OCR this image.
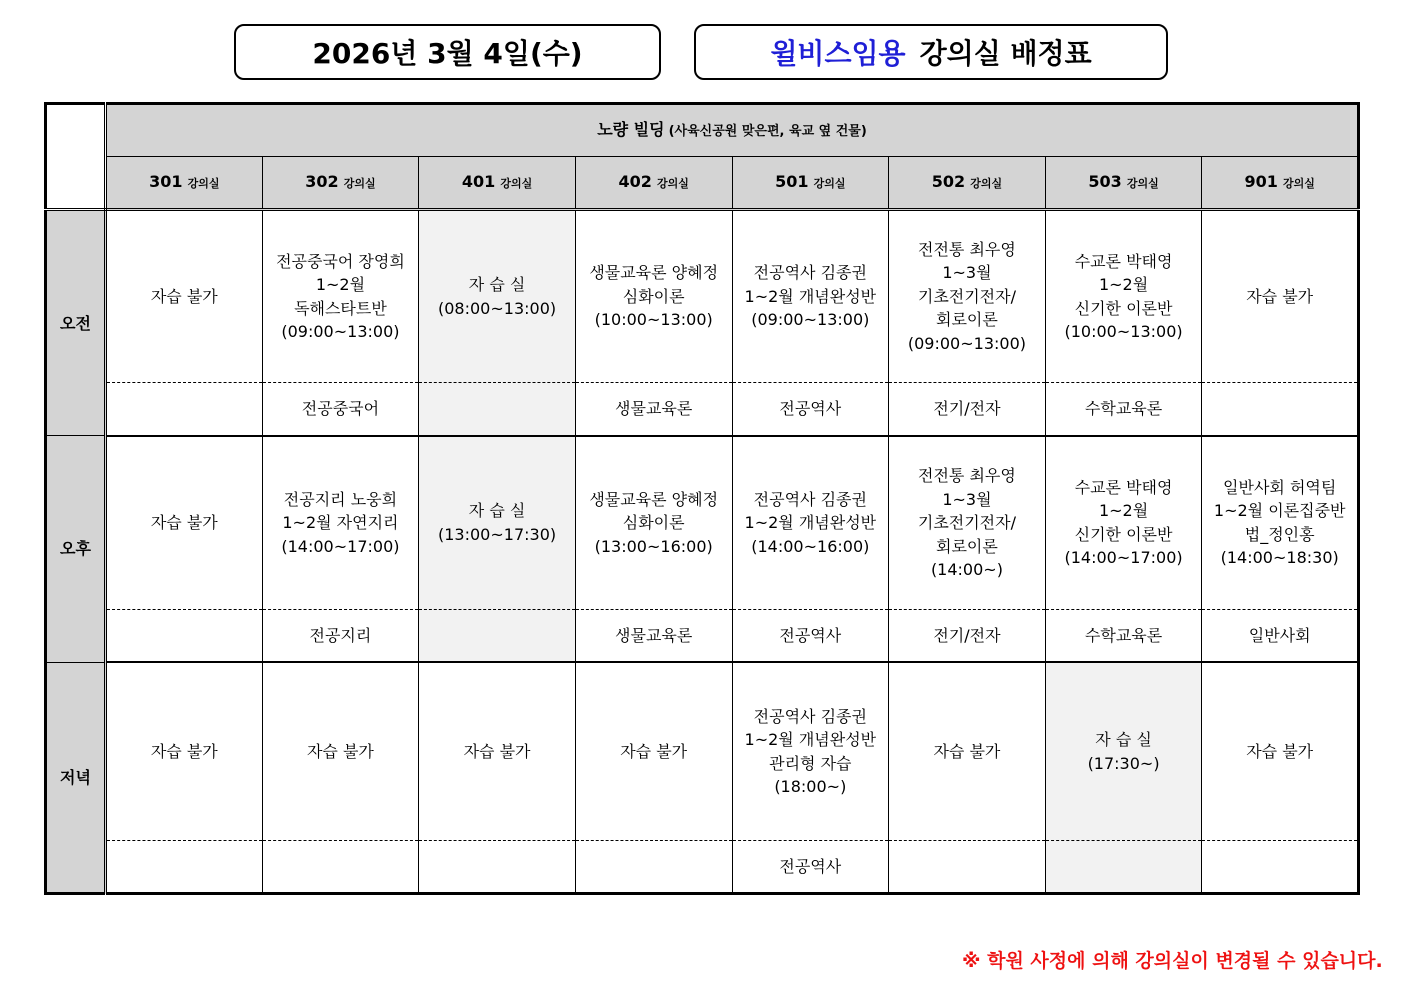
2026년 3월 4일(수)	윌비스임용 강의실 배정표
	노량 빌딩 (사육신공원 맞은편, 육교 옆 건물)							
	301 강의실	302 강의실	401 강의실	402 강의실	501 강의실	502 강의실	503 강의실	901 강의실
오전	자습 불가	전공중국어 장영희
1~2월
독해스타트반
(09:00~13:00)	자 습 실
(08:00~13:00)	생물교육론 양혜정
심화이론
(10:00~13:00)	전공역사 김종권
1~2월 개념완성반
(09:00~13:00)	전전통 최우영
1~3월
기초전기전자/
회로이론
(09:00~13:00)	수교론 박태영
1~2월
신기한 이론반
(10:00~13:00)	자습 불가

		전공중국어		생물교육론	전공역사	전기/전자	수학교육론	
오후	자습 불가	전공지리 노웅희
1~2월 자연지리
(14:00~17:00)	자 습 실
(13:00~17:30)	생물교육론 양혜정
심화이론
(13:00~16:00)	전공역사 김종권
1~2월 개념완성반
(14:00~16:00)	전전통 최우영
1~3월
기초전기전자/
회로이론
(14:00~)	수교론 박태영
1~2월
신기한 이론반
(14:00~17:00)	일반사회 허역팀
1~2월 이론집중반
법_정인홍
(14:00~18:30)

		전공지리		생물교육론	전공역사	전기/전자	수학교육론	일반사회
저녁	자습 불가	자습 불가	자습 불가	자습 불가	전공역사 김종권
1~2월 개념완성반
관리형 자습
(18:00~)	자습 불가	자 습 실
(17:30~)	자습 불가

					전공역사			
※ 학원 사정에 의해 강의실이 변경될 수 있습니다.
